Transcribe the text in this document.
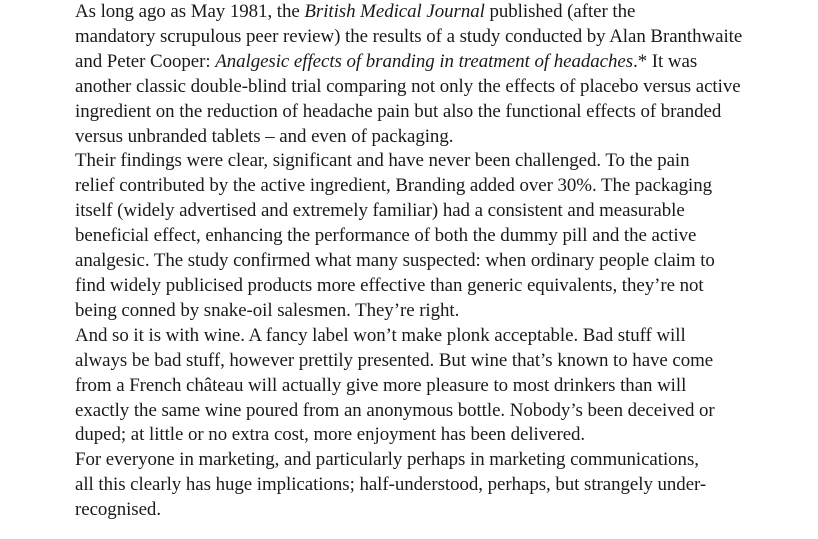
As long ago as May 1981, the British Medical Journal published (after the
mandatory scrupulous peer review) the results of a study conducted by Alan Branthwaite
and Peter Cooper: Analgesic effects of branding in treatment of headaches.* It was
another classic double-blind trial comparing not only the effects of placebo versus active
ingredient on the reduction of headache pain but also the functional effects of branded
versus unbranded tablets – and even of packaging.

Their findings were clear, significant and have never been challenged. To the pain
relief contributed by the active ingredient, Branding added over 30%. The packaging
itself (widely advertised and extremely familiar) had a consistent and measurable
beneficial effect, enhancing the performance of both the dummy pill and the active
analgesic. The study confirmed what many suspected: when ordinary people claim to
find widely publicised products more effective than generic equivalents, they’re not
being conned by snake-oil salesmen. They’re right.

And so it is with wine. A fancy label won’t make plonk acceptable. Bad stuff will
always be bad stuff, however prettily presented. But wine that’s known to have come
from a French château will actually give more pleasure to most drinkers than will
exactly the same wine poured from an anonymous bottle. Nobody’s been deceived or
duped; at little or no extra cost, more enjoyment has been delivered.

For everyone in marketing, and particularly perhaps in marketing communications,
all this clearly has huge implications; half-understood, perhaps, but strangely under-
recognised.
